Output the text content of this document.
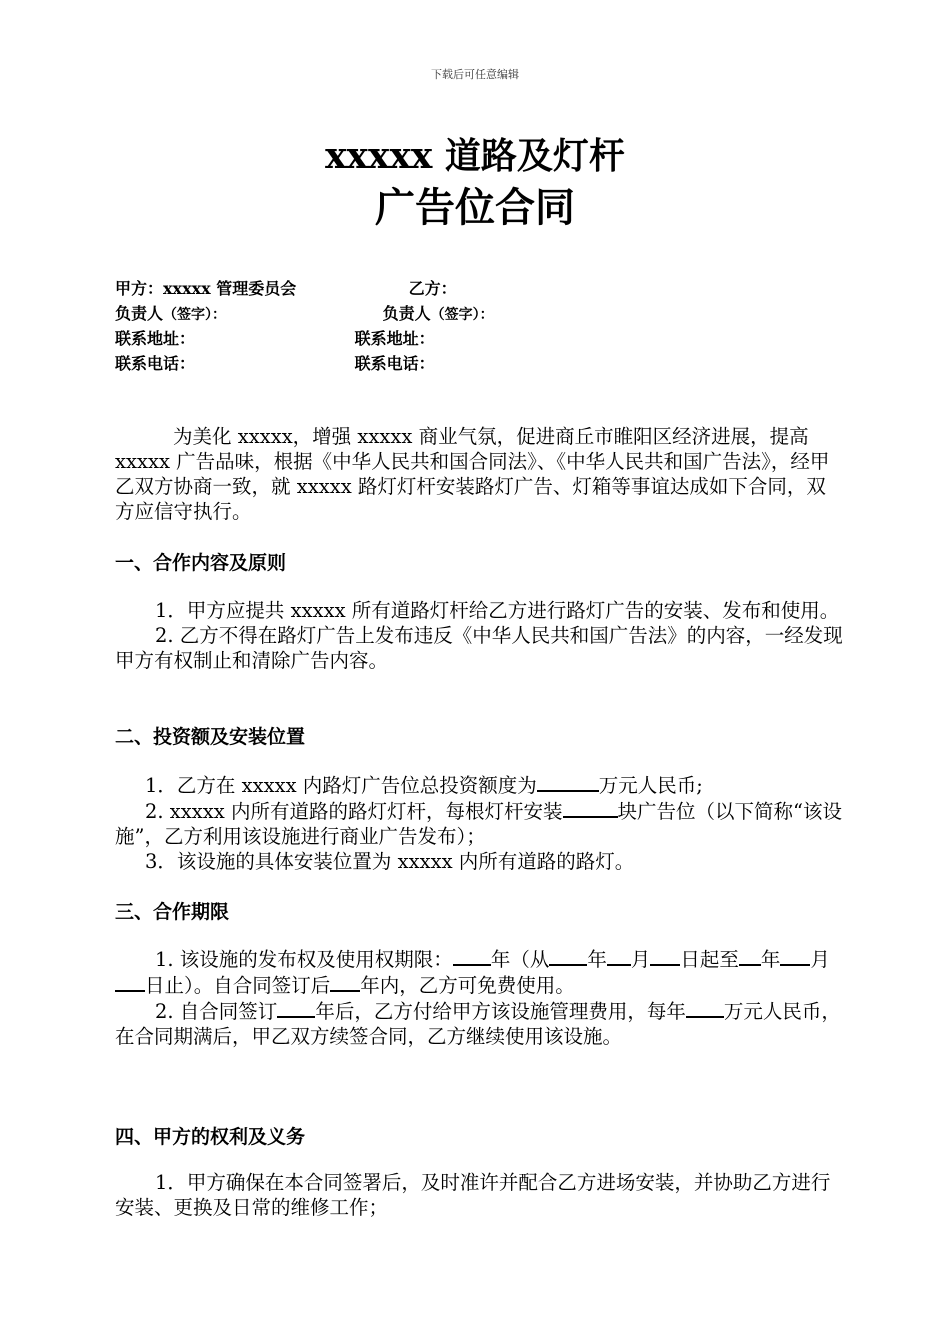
下载后可任意编辑
xxxxx 道路及灯杆
广告位合同
甲方：xxxxx 管理委员会	乙方：
负责人（签字）：	负责人（签字）：
联系地址：	联系地址：
联系电话：	联系电话：

为美化 xxxxx，增强 xxxxx 商业气氛，促进商丘市睢阳区经济进展，提高 xxxxx 广告品味，根据《中华人民共和国合同法》、《中华人民共和国广告法》，经甲乙双方协商一致，就 xxxxx 路灯灯杆安装路灯广告、灯箱等事谊达成如下合同，双方应信守执行。

一、合作内容及原则

1．甲方应提共 xxxxx 所有道路灯杆给乙方进行路灯广告的安装、发布和使用。

2. 乙方不得在路灯广告上发布违反《中华人民共和国广告法》的内容，一经发现甲方有权制止和清除广告内容。

二、投资额及安装位置

1．乙方在 xxxxx 内路灯广告位总投资额度为	万元人民币;

2. xxxxx 内所有道路的路灯灯杆，每根灯杆安装	块广告位（以下简称“该设施”，乙方利用该设施进行商业广告发布）；

3．该设施的具体安装位置为 xxxxx 内所有道路的路灯。

三、合作期限

1. 该设施的发布权及使用权期限： 年（从 年 月 日起至 年 月日止）。自合同签订后 年内，乙方可免费使用。

2. 自合同签订 年后，乙方付给甲方该设施管理费用，每年 万元人民币，在合同期满后，甲乙双方续签合同，乙方继续使用该设施。

四、甲方的权利及义务

1．甲方确保在本合同签署后，及时准许并配合乙方进场安装，并协助乙方进行安装、更换及日常的维修工作；
